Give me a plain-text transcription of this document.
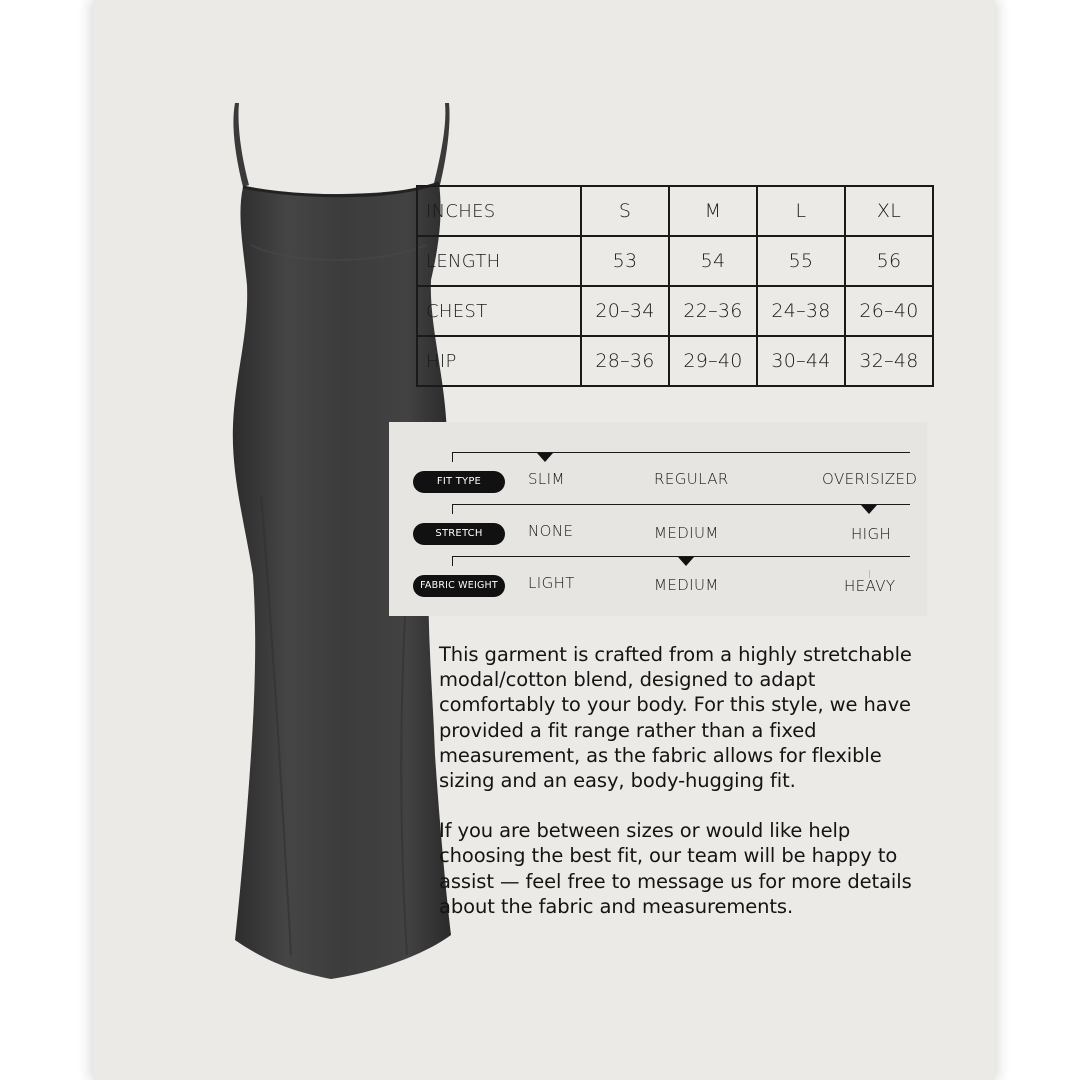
INCHES	S	M	L	XL
LENGTH	53	54	55	56
CHEST	20–34	22–36	24–38	26–40
HIP	28–36	29–40	30–44	32–48
FIT TYPE	SLIM	REGULAR	OVERISIZED
STRETCH	NONE	MEDIUM	HIGH
FABRIC WEIGHT	LIGHT	MEDIUM	HEAVY

This garment is crafted from a highly stretchable modal/cotton blend, designed to adapt comfortably to your body. For this style, we have provided a fit range rather than a fixed measurement, as the fabric allows for flexible sizing and an easy, body-hugging fit.

If you are between sizes or would like help choosing the best fit, our team will be happy to assist — feel free to message us for more details about the fabric and measurements.
